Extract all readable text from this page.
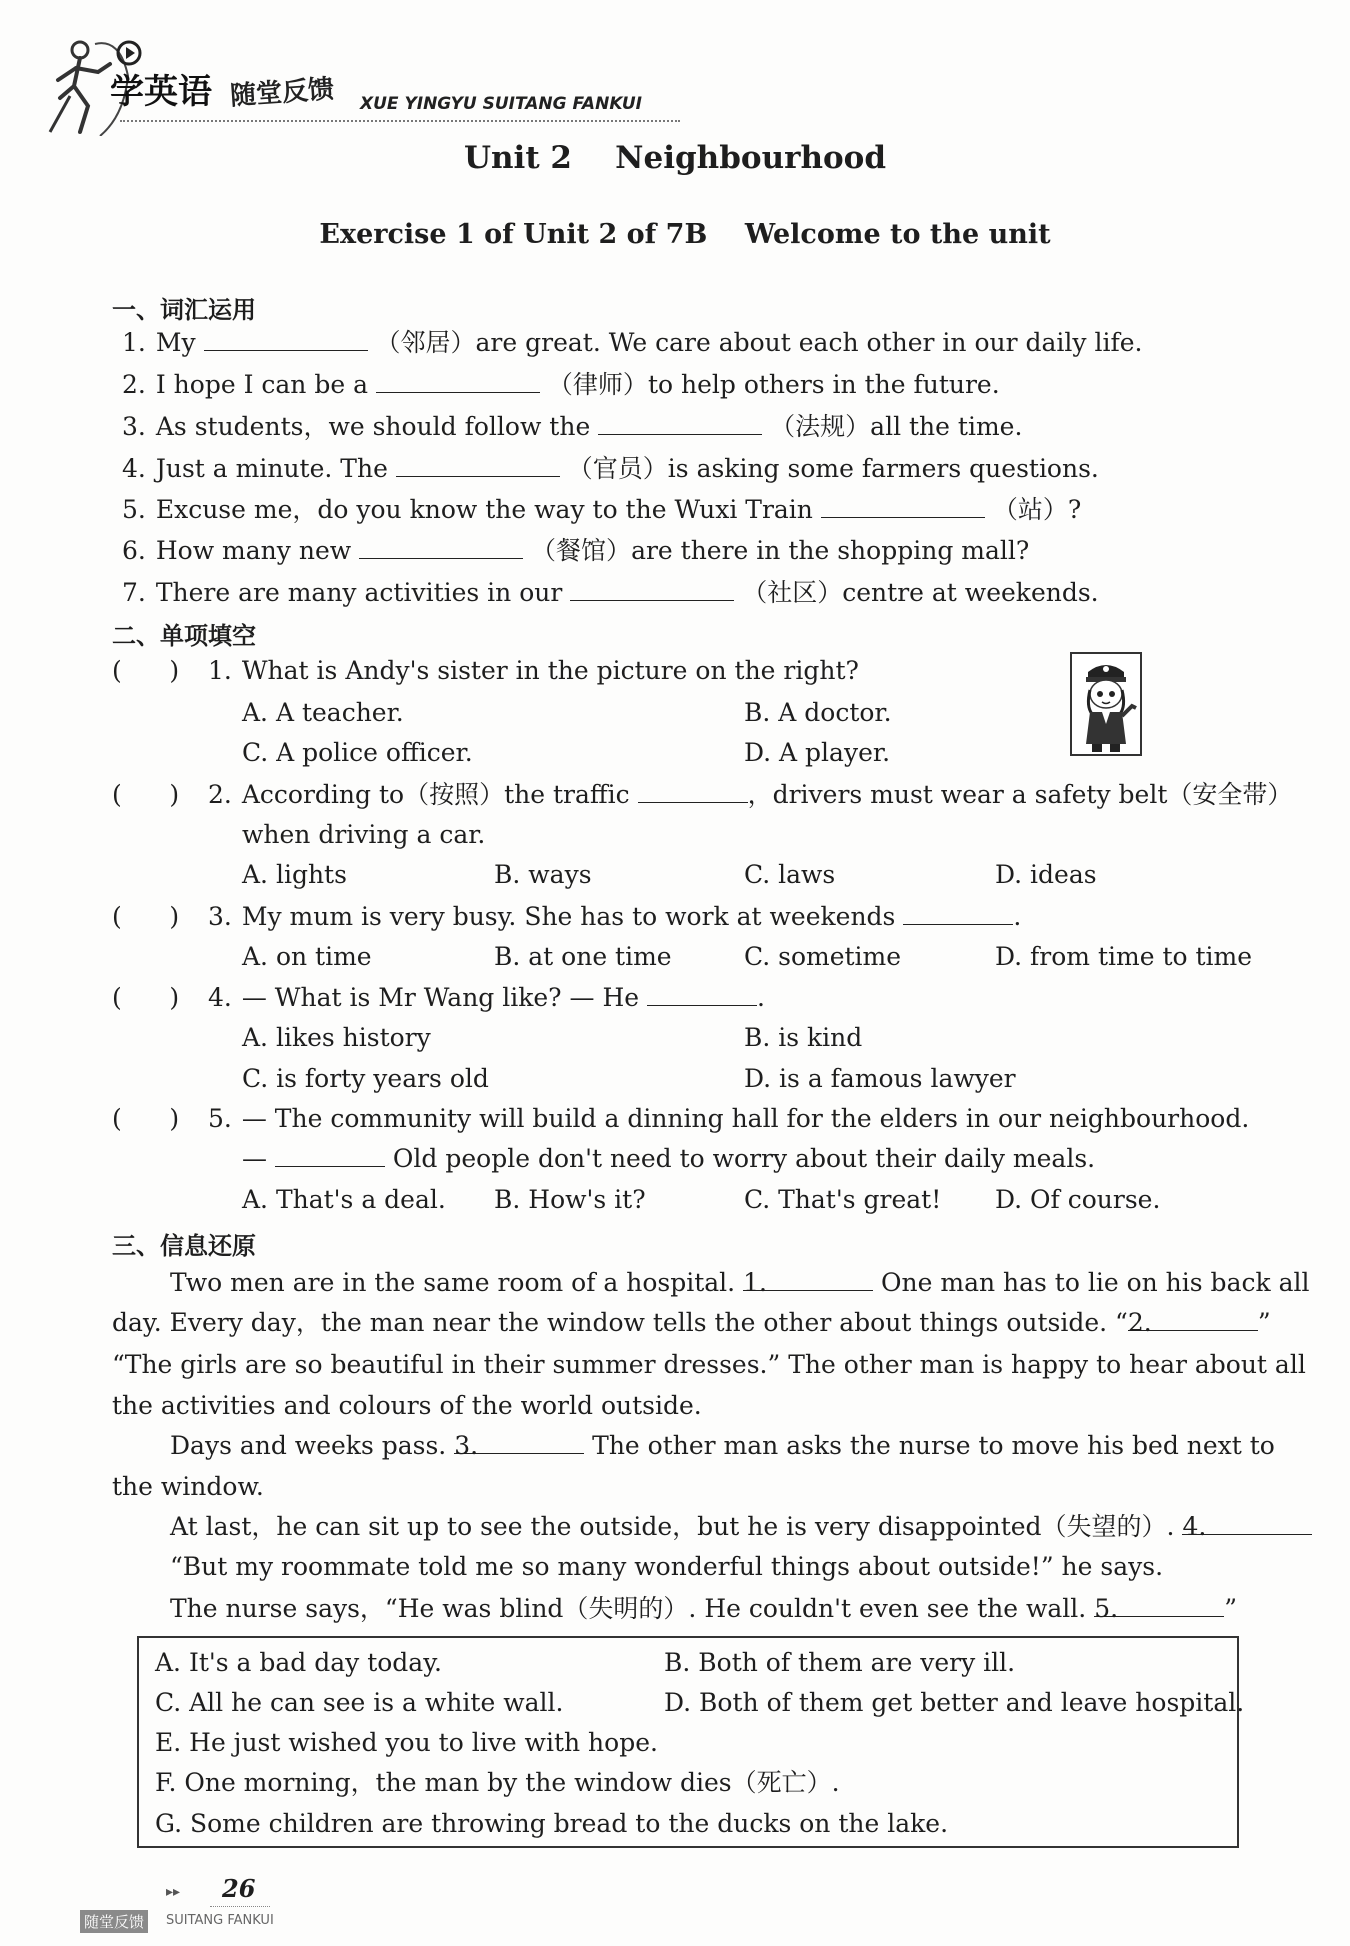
学英语 随堂反馈 XUE YINGYU SUITANG FANKUI
Unit 2    Neighbourhood
Exercise 1 of Unit 2 of 7B    Welcome to the unit
一、词汇运用
1. My	（邻居）are great. We care about each other in our daily life.
2. I hope I can be a	（律师）to help others in the future.
3. As students，we should follow the	（法规）all the time.
4. Just a minute. The	（官员）is asking some farmers questions.
5. Excuse me，do you know the way to the Wuxi Train	（站）?
6. How many new	（餐馆）are there in the shopping mall?
7. There are many activities in our	（社区）centre at weekends.
二、单项填空
(      ) 1. What is Andy's sister in the picture on the right?
A. A teacher.	B. A doctor.
C. A police officer.	D. A player.
(      ) 2. According to（按照）the traffic	，drivers must wear a safety belt（安全带）
when driving a car.
A. lights	B. ways	C. laws	D. ideas
(      ) 3. My mum is very busy. She has to work at weekends	.
A. on time	B. at one time	C. sometime	D. from time to time
(      ) 4. — What is Mr Wang like? — He	.
A. likes history	B. is kind
C. is forty years old	D. is a famous lawyer
(      ) 5. — The community will build a dinning hall for the elders in our neighbourhood.
—	Old people don't need to worry about their daily meals.
A. That's a deal. B. How's it?	C. That's great! D. Of course.
三、信息还原
Two men are in the same room of a hospital. 1.	One man has to lie on his back all
day. Every day，the man near the window tells the other about things outside. “2.	”
“The girls are so beautiful in their summer dresses.” The other man is happy to hear about all
the activities and colours of the world outside.
Days and weeks pass. 3.	The other man asks the nurse to move his bed next to
the window.
At last，he can sit up to see the outside，but he is very disappointed（失望的）. 4.
“But my roommate told me so many wonderful things about outside!” he says.
The nurse says，“He was blind（失明的）. He couldn't even see the wall. 5.	”
A. It's a bad day today.	B. Both of them are very ill.
C. All he can see is a white wall.	D. Both of them get better and leave hospital.
E. He just wished you to live with hope.
F. One morning，the man by the window dies（死亡）.
G. Some children are throwing bread to the ducks on the lake.
▸▸ 26
随堂反馈	SUITANG FANKUI
